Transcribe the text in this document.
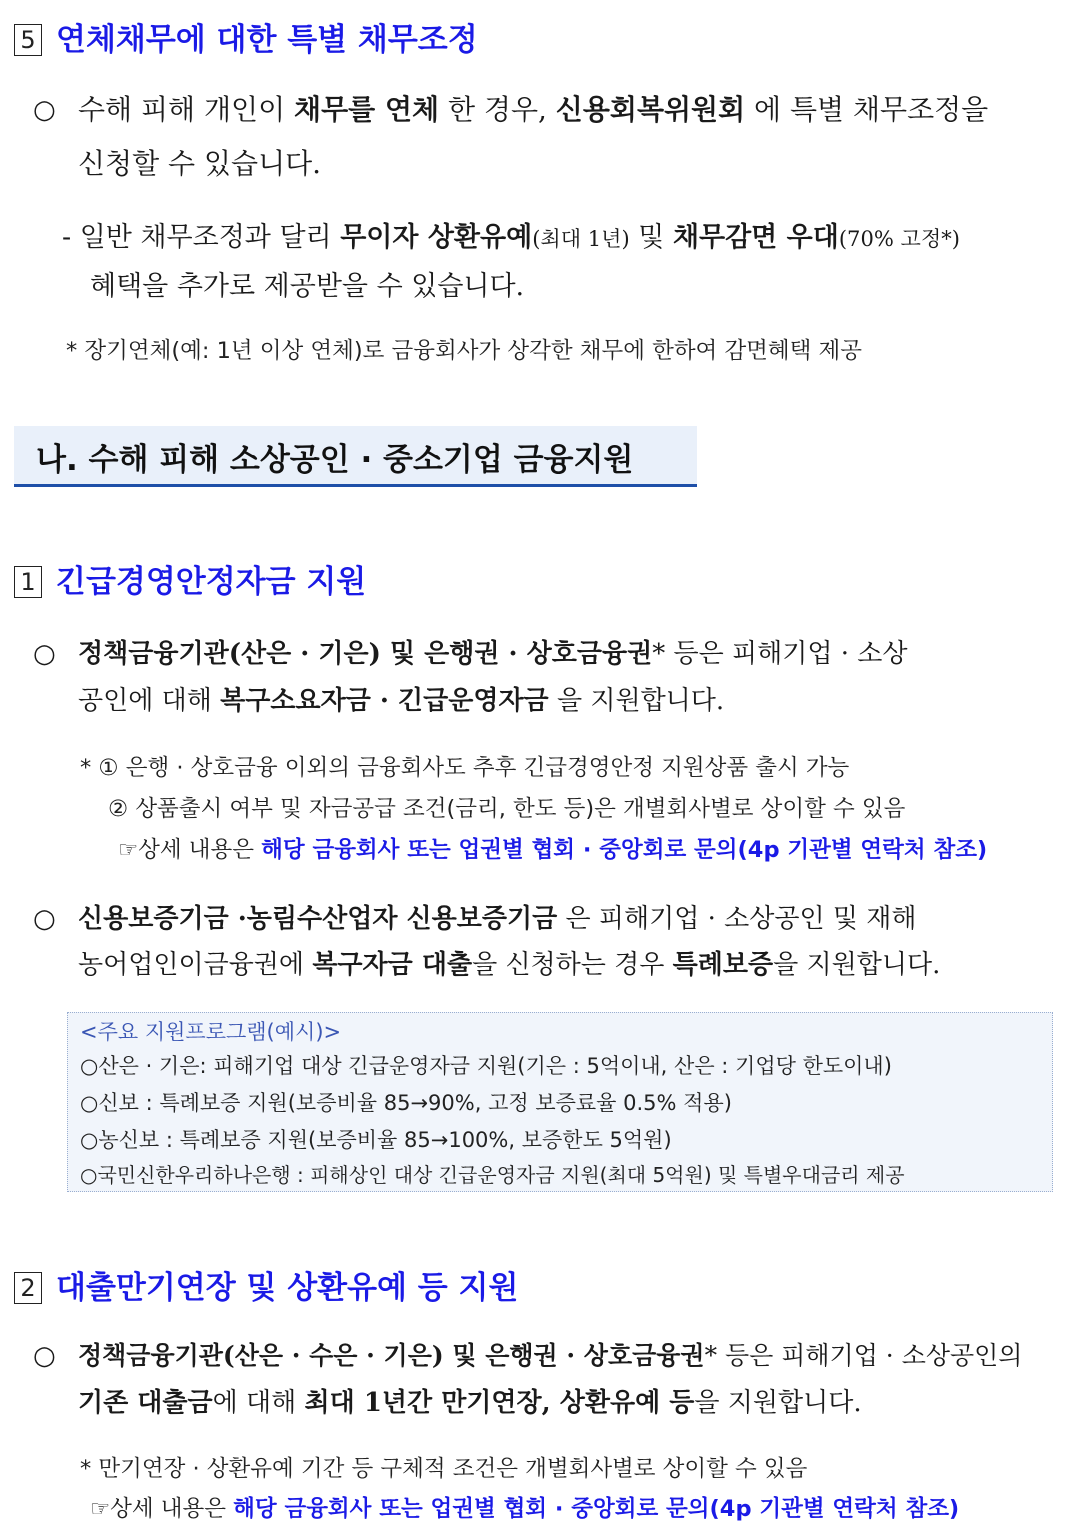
5 연체채무에 대한 특별 채무조정
○ 수해 피해 개인이 채무를 연체 한 경우, 신용회복위원회 에 특별 채무조정을
신청할 수 있습니다.
- 일반 채무조정과 달리 무이자 상환유예(최대 1년) 및 채무감면 우대(70% 고정*)
혜택을 추가로 제공받을 수 있습니다.
* 장기연체(예: 1년 이상 연체)로 금융회사가 상각한 채무에 한하여 감면혜택 제공
나. 수해 피해 소상공인 · 중소기업 금융지원
1 긴급경영안정자금 지원
○ 정책금융기관(산은 · 기은) 및 은행권 · 상호금융권* 등은 피해기업 · 소상
공인에 대해 복구소요자금 · 긴급운영자금 을 지원합니다.
* ① 은행 · 상호금융 이외의 금융회사도 추후 긴급경영안정 지원상품 출시 가능
② 상품출시 여부 및 자금공급 조건(금리, 한도 등)은 개별회사별로 상이할 수 있음
☞상세 내용은 해당 금융회사 또는 업권별 협회 · 중앙회로 문의(4p 기관별 연락처 참조)
○ 신용보증기금 ·농림수산업자 신용보증기금 은 피해기업 · 소상공인 및 재해
농어업인이금융권에 복구자금 대출을 신청하는 경우 특례보증을 지원합니다.
<주요 지원프로그램(예시)>
○산은 · 기은: 피해기업 대상 긴급운영자금 지원(기은 : 5억이내, 산은 : 기업당 한도이내)
○신보 : 특례보증 지원(보증비율 85→90%, 고정 보증료율 0.5% 적용)
○농신보 : 특례보증 지원(보증비율 85→100%, 보증한도 5억원)
○국민신한우리하나은행 : 피해상인 대상 긴급운영자금 지원(최대 5억원) 및 특별우대금리 제공
2 대출만기연장 및 상환유예 등 지원
○ 정책금융기관(산은 · 수은 · 기은) 및 은행권 · 상호금융권* 등은 피해기업 · 소상공인의
기존 대출금에 대해 최대 1년간 만기연장, 상환유예 등을 지원합니다.
* 만기연장 · 상환유예 기간 등 구체적 조건은 개별회사별로 상이할 수 있음
☞상세 내용은 해당 금융회사 또는 업권별 협회 · 중앙회로 문의(4p 기관별 연락처 참조)
